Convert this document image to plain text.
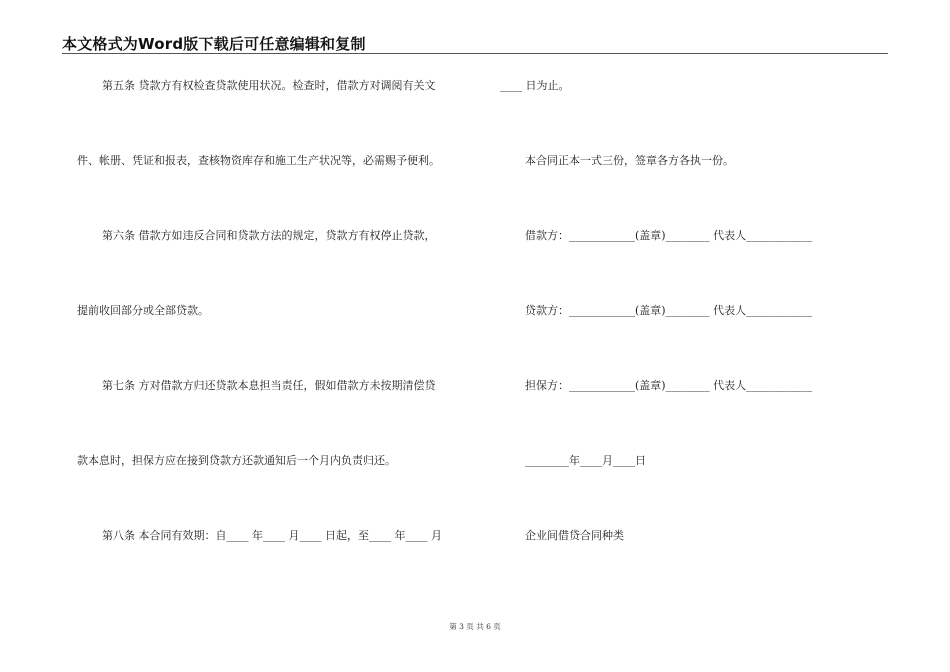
本文格式为Word版下载后可任意编辑和复制
第五条 贷款方有权检查贷款使用状况。检查时，借款方对调阅有关文
件、帐册、凭证和报表，查核物资库存和施工生产状况等，必需赐予便利。
第六条 借款方如违反合同和贷款方法的规定，贷款方有权停止贷款，
提前收回部分或全部贷款。
第七条 方对借款方归还贷款本息担当责任，假如借款方未按期清偿贷
款本息时，担保方应在接到贷款方还款通知后一个月内负责归还。
第八条 本合同有效期：自____ 年____ 月____ 日起，至____ 年____ 月
____ 日为止。
本合同正本一式三份，签章各方各执一份。
借款方：____________(盖章)________ 代表人____________
贷款方：____________(盖章)________ 代表人____________
担保方：____________(盖章)________ 代表人____________
________年____月____日
企业间借贷合同种类
第 3 页 共 6 页
